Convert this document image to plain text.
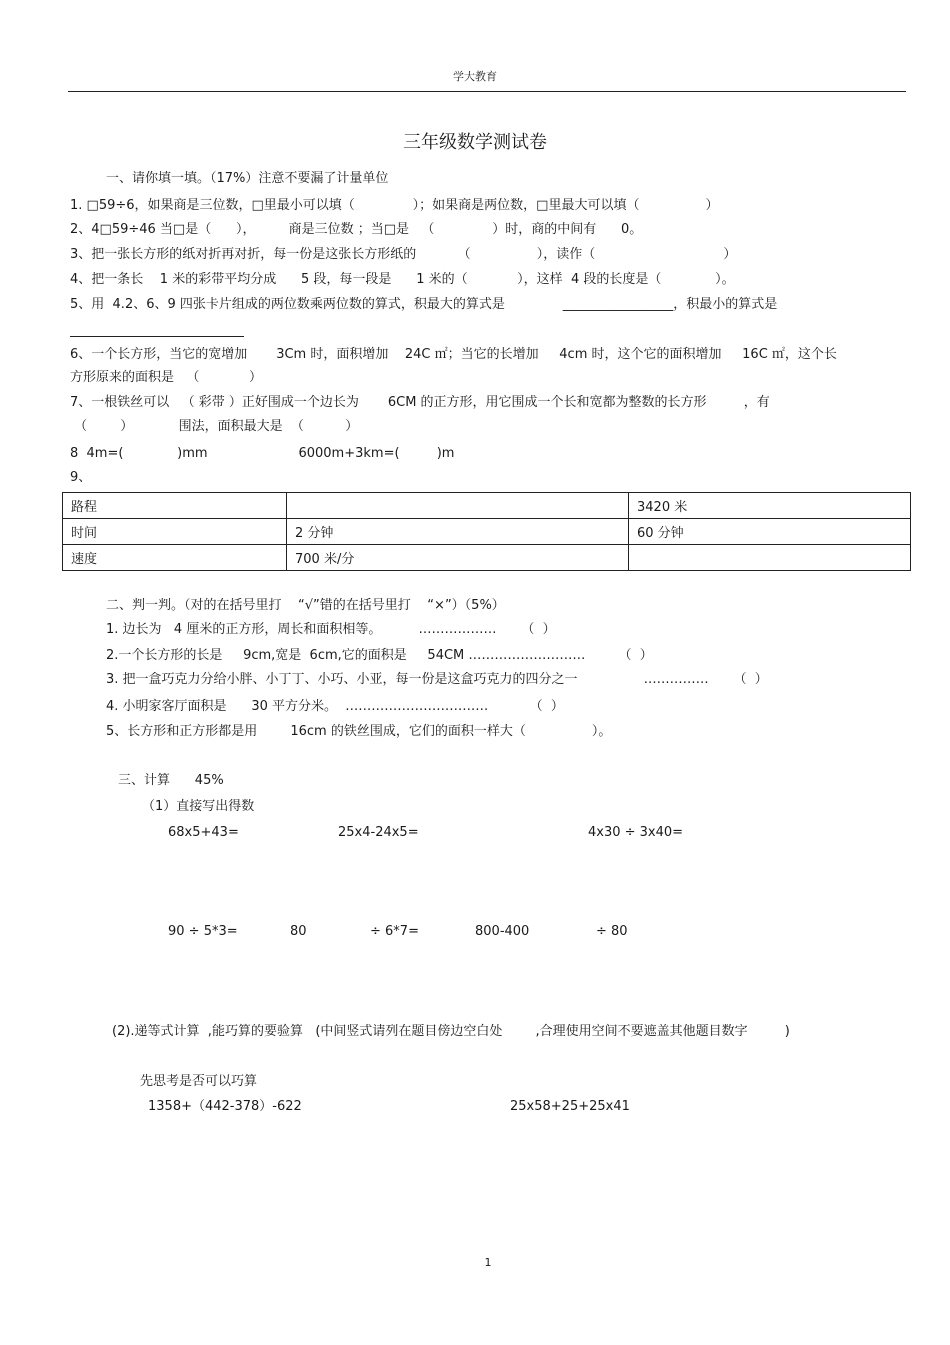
学大教育
三年级数学测试卷
一、请你填一填。（17%）注意不要漏了计量单位
1. □59÷6，如果商是三位数，□里最小可以填（              ）；如果商是两位数，□里最大可以填（                ）
2、4□59÷46 当□是（      ），        商是三位数 ；当□是   （              ）时，商的中间有      0。
3、把一张长方形的纸对折再对折，每一份是这张长方形纸的          （                ），读作（                               ）
4、把一条长    1 米的彩带平均分成      5 段，每一段是      1 米的（            ），这样  4 段的长度是（             ）。
5、用  4.2、6、9 四张卡片组成的两位数乘两位数的算式，积最大的算式是              _________________，积最小的算式是
6、一个长方形，当它的宽增加       3Cm 时，面积增加    24C ㎡；当它的长增加     4cm 时，这个它的面积增加     16C ㎡，这个长
方形原来的面积是   （            ）
7、一根铁丝可以   （ 彩带 ）正好围成一个边长为       6CM 的正方形，用它围成一个长和宽都为整数的长方形         ，有
（        ）           围法，面积最大是  （          ）
8  4m=(             )mm                      6000m+3km=(         )m
9、
路程		3420 米
时间	2 分钟	60 分钟
速度	700 米/分	
二、判一判。（对的在括号里打    “√”错的在括号里打    “×”）（5%）
1. 边长为   4 厘米的正方形，周长和面积相等。         ………………      （  ）
2.一个长方形的长是     9cm,宽是  6cm,它的面积是     54CM ………………………        （  ）
3. 把一盒巧克力分给小胖、小丁丁、小巧、小亚，每一份是这盒巧克力的四分之一                ……………      （  ）
4. 小明家客厅面积是      30 平方分米。  ……………………………          （  ）
5、长方形和正方形都是用        16cm 的铁丝围成，它们的面积一样大（                ）。
三、计算      45%
（1）直接写出得数
68x5+43=	25x4-24x5=	4x30 ÷ 3x40=
90 ÷ 5*3=	80	÷ 6*7=	800-400	÷ 80
(2).递等式计算  ,能巧算的要验算   (中间竖式请列在题目傍边空白处        ,合理使用空间不要遮盖其他题目数字         )
先思考是否可以巧算
1358+（442-378）-622	25x58+25+25x41
1
